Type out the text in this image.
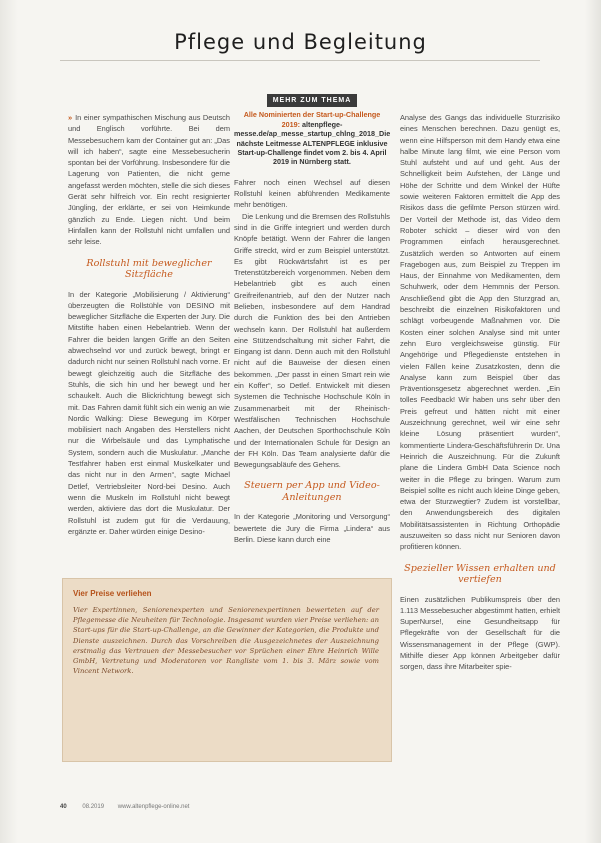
Pflege und Begleitung

» In einer sympathischen Mischung aus Deutsch und Englisch vorführte. Bei dem Messebesuchern kam der Container gut an: „Das will ich haben“, sagte eine Messebesucherin spontan bei der Vorführung. Insbesondere für die Lagerung von Patienten, die nicht gerne angefasst werden möchten, stelle die sich dieses Gerät sehr hilfreich vor. Ein recht resignierter Jüngling, der erklärte, er sei von Heimkunde gänzlich zu Ende. Liegen nicht. Und beim Hinfallen kann der Rollstuhl nicht umfallen und sehr leise.

Rollstuhl mit beweglicher Sitzfläche

In der Kategorie „Mobilisierung / Aktivierung“ überzeugten die Rollstühle von DESINO mit beweglicher Sitzfläche die Experten der Jury. Die Mitstifte haben einen Hebelantrieb. Wenn der Fahrer die beiden langen Griffe an den Seiten abwechselnd vor und zurück bewegt, bringt er dadurch nicht nur seinen Rollstuhl nach vorne. Er bewegt gleichzeitig auch die Sitzfläche des Stuhls, die sich hin und her bewegt und her schaukelt. Auch die Blickrichtung bewegt sich mit. Das Fahren damit fühlt sich ein wenig an wie Nordic Walking: Diese Bewegung im Körper mobilisiert nach Angaben des Herstellers nicht nur die Wirbelsäule und das Lymphatische System, sondern auch die Muskulatur. „Manche Testfahrer haben erst einmal Muskelkater und das nicht nur in den Armen“, sagte Michael Detlef, Vertriebsleiter Nord-bei Desino. Auch wenn die Muskeln im Rollstuhl nicht bewegt werden, aktiviere das dort die Muskulatur. Der Rollstuhl ist zudem gut für die Verdauung, ergänzte er. Daher würden einige Desino-

MEHR ZUM THEMA
Alle Nominierten der Start-up-Challenge 2019: altenpflege-messe.de/ap_messe_startup_chlng_2018_Die nächste Leitmesse ALTENPFLEGE inklusive Start-up-Challenge findet vom 2. bis 4. April 2019 in Nürnberg statt.

Fahrer noch einen Wechsel auf diesen Rollstuhl keinen abführenden Medikamente mehr benötigen.

Die Lenkung und die Bremsen des Rollstuhls sind in die Griffe integriert und werden durch Knöpfe betätigt. Wenn der Fahrer die langen Griffe streckt, wird er zum Beispiel unterstützt. Es gibt Rückwärtsfahrt ist es per Tretenstützbereich vorgenommen. Neben dem Hebelantrieb gibt es auch einen Greifreifenantrieb, auf den der Nutzer nach Belieben, insbesondere auf dem Handrad durch die Funktion des bei den Antrieben wechseln kann. Der Rollstuhl hat außerdem eine Stützendschaltung mit sicher Fahrt, die Eingang ist dann. Denn auch mit den Rollstuhl nicht auf die Bauweise der diesen einen bekommen. „Der passt in einen Smart rein wie ein Koffer“, so Detlef. Entwickelt mit diesen Systemen die Technische Hochschule Köln in Zusammenarbeit mit der Rheinisch-Westfälischen Technischen Hochschule Aachen, der Deutschen Sporthochschule Köln und der Internationalen Schule für Design an der FH Köln. Das Team analysierte dafür die Bewegungsabläufe des Gehens.

Steuern per App und Video-Anleitungen

In der Kategorie „Monitoring und Versorgung“ bewertete die Jury die Firma „Lindera“ aus Berlin. Diese kann durch eine

Analyse des Gangs das individuelle Sturzrisiko eines Menschen berechnen. Dazu genügt es, wenn eine Hilfsperson mit dem Handy etwa eine halbe Minute lang filmt, wie eine Person vom Stuhl aufsteht und auf und geht. Aus der Schnelligkeit beim Aufstehen, der Länge und Höhe der Schritte und dem Winkel der Hüfte sowie weiteren Faktoren ermittelt die App des Risikos dass die gefilmte Person stürzen wird. Der Vorteil der Methode ist, das Video dem Roboter schickt – dieser wird von den Programmen einfach herausgerechnet. Zusätzlich werden so Antworten auf einem Fragebogen aus, zum Beispiel zu Treppen im Haus, der Einnahme von Medikamenten, dem Schuhwerk, oder dem Hemmnis der Person. Anschließend gibt die App den Sturzgrad an, beschreibt die einzelnen Risikofaktoren und schlägt vorbeugende Maßnahmen vor. Die Kosten einer solchen Analyse sind mit unter zehn Euro vergleichsweise günstig. Für Angehörige und Pflegedienste entstehen in vielen Fällen keine Zusatzkosten, denn die Analyse kann zum Beispiel über das Präventionsgesetz abgerechnet werden. „Ein tolles Feedback! Wir haben uns sehr über den Preis gefreut und hätten nicht mit einer Auszeichnung gerechnet, weil wir eine sehr kleine Lösung präsentiert wurden“, kommentierte Lindera-Geschäftsführerin Dr. Una Heinrich die Auszeichnung. Für die Zukunft plane die Lindera GmbH Data Science noch weiter in die Pflege zu bringen. Warum zum Beispiel sollte es nicht auch kleine Dinge geben, etwa der Sturzwegtier? Zudem ist vorstellbar, den Anwendungsbereich des digitalen Mobilitätsassistenten in Richtung Orthopädie auszuweiten so dass nicht nur Senioren davon profitieren können.

Spezieller Wissen erhalten und vertiefen

Einen zusätzlichen Publikumspreis über den 1.113 Messebesucher abgestimmt hatten, erhielt SuperNurse!, eine Gesundheitsapp für Pflegekräfte von der Gesellschaft für die Wissensmanagement in der Pflege (GWP). Mithilfe dieser App können Arbeitgeber dafür sorgen, dass ihre Mitarbeiter spie-

Vier Preise verliehen
Vier Expertinnen, Seniorenexperten und Seniorenexpertinnen bewerteten auf der Pflegemesse die Neuheiten für Technologie. Insgesamt wurden vier Preise verliehen: an Start-ups für die Start-up-Challenge, an die Gewinner der Kategorien, die Produkte und Dienste auszeichnen. Durch das Vorschreiben die Ausgezeichnetes der Auszeichnung erstmalig das Vertrauen der Messebesucher vor Sprüchen einer Ehre Heinrich Wille GmbH, Vertretung und Moderatoren vor Rangliste vom 1. bis 3. März sowie vom Vincent Network.
40	08.2019 www.altenpflege-online.net
